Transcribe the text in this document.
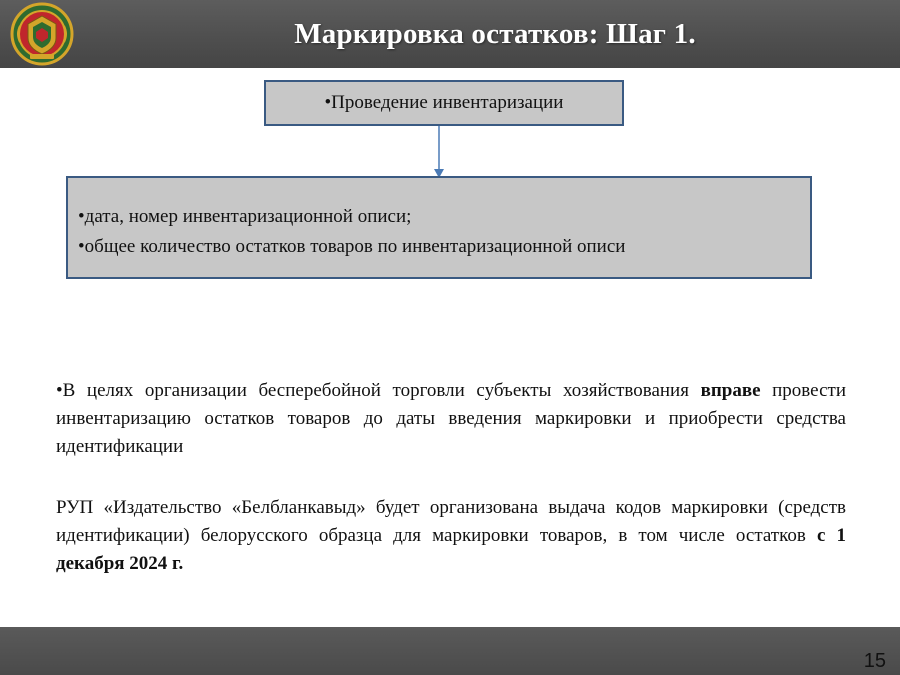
Маркировка остатков: Шаг 1.
•Проведение инвентаризации
•дата, номер инвентаризационной описи;
•общее количество остатков товаров по инвентаризационной описи
•В целях организации бесперебойной торговли субъекты хозяйствования вправе провести инвентаризацию остатков товаров до даты введения маркировки и приобрести средства идентификации
РУП «Издательство «Белбланкавыд» будет организована выдача кодов маркировки (средств идентификации) белорусского образца для маркировки товаров, в том числе остатков с 1 декабря 2024 г.
15
